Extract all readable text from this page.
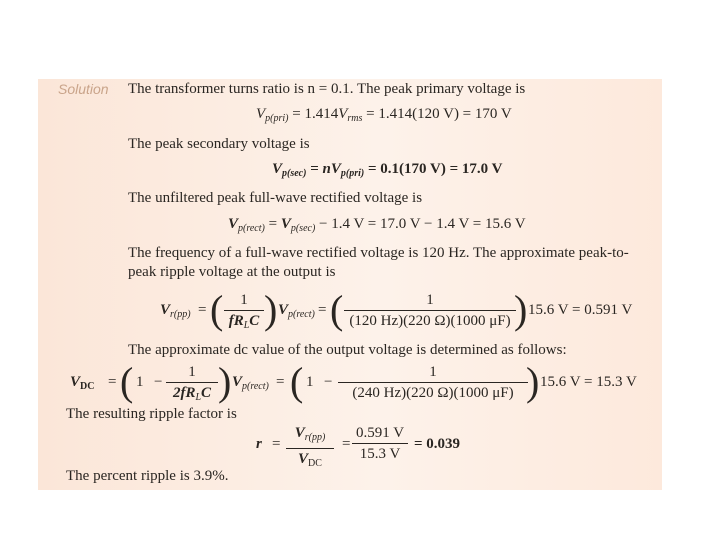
Solution The transformer turns ratio is n = 0.1. The peak primary voltage is
$V_{p(pri)} = 1.414V_{rms} = 1.414(120$ V) = 170 V
The peak secondary voltage is
$V_{p(sec)} = nV_{p(pri)} = 0.1(170$ V) = 17.0 V
The unfiltered peak full-wave rectified voltage is
$V_{p(rect)} = V_{p(sec)} - 1.4$ V = 17.0 V − 1.4 V = 15.6 V
The frequency of a full-wave rectified voltage is 120 Hz. The approximate peak-to-
peak ripple voltage at the output is
$V_{r(pp)}$ = (	1
$fR_LC$ ) $V_{p(rect)}$ = (	1
(120 Hz)(220 Ω)(1000 μF) ) 15.6 V = 0.591 V
The approximate dc value of the output voltage is determined as follows:
$V_{DC}$ = ( 1 −
1
$2fR_LC$ ) $V_{p(rect)}$ = ( 1 −
1
(240 Hz)(220 Ω)(1000 μF) ) 15.6 V = 15.3 V
The resulting ripple factor is
r =
$V_{r(pp)}$
$V_{DC}$
=
0.591 V
15.3 V
= 0.039
The percent ripple is 3.9%.
